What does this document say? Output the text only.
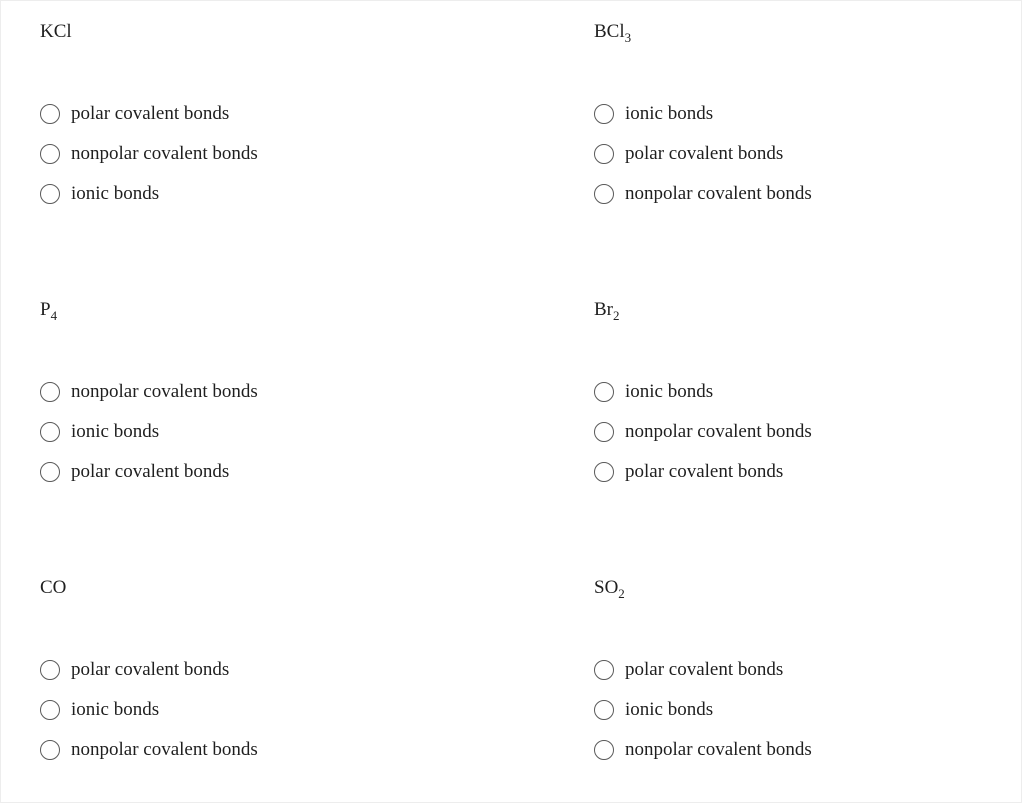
KCl

polar covalent bonds
nonpolar covalent bonds
ionic bonds

BCl$_3$

ionic bonds
polar covalent bonds
nonpolar covalent bonds

$P_4$

nonpolar covalent bonds
ionic bonds
polar covalent bonds

$Br_2$

ionic bonds
nonpolar covalent bonds
polar covalent bonds

CO

polar covalent bonds
ionic bonds
nonpolar covalent bonds

$SO_2$

polar covalent bonds
ionic bonds
nonpolar covalent bonds
